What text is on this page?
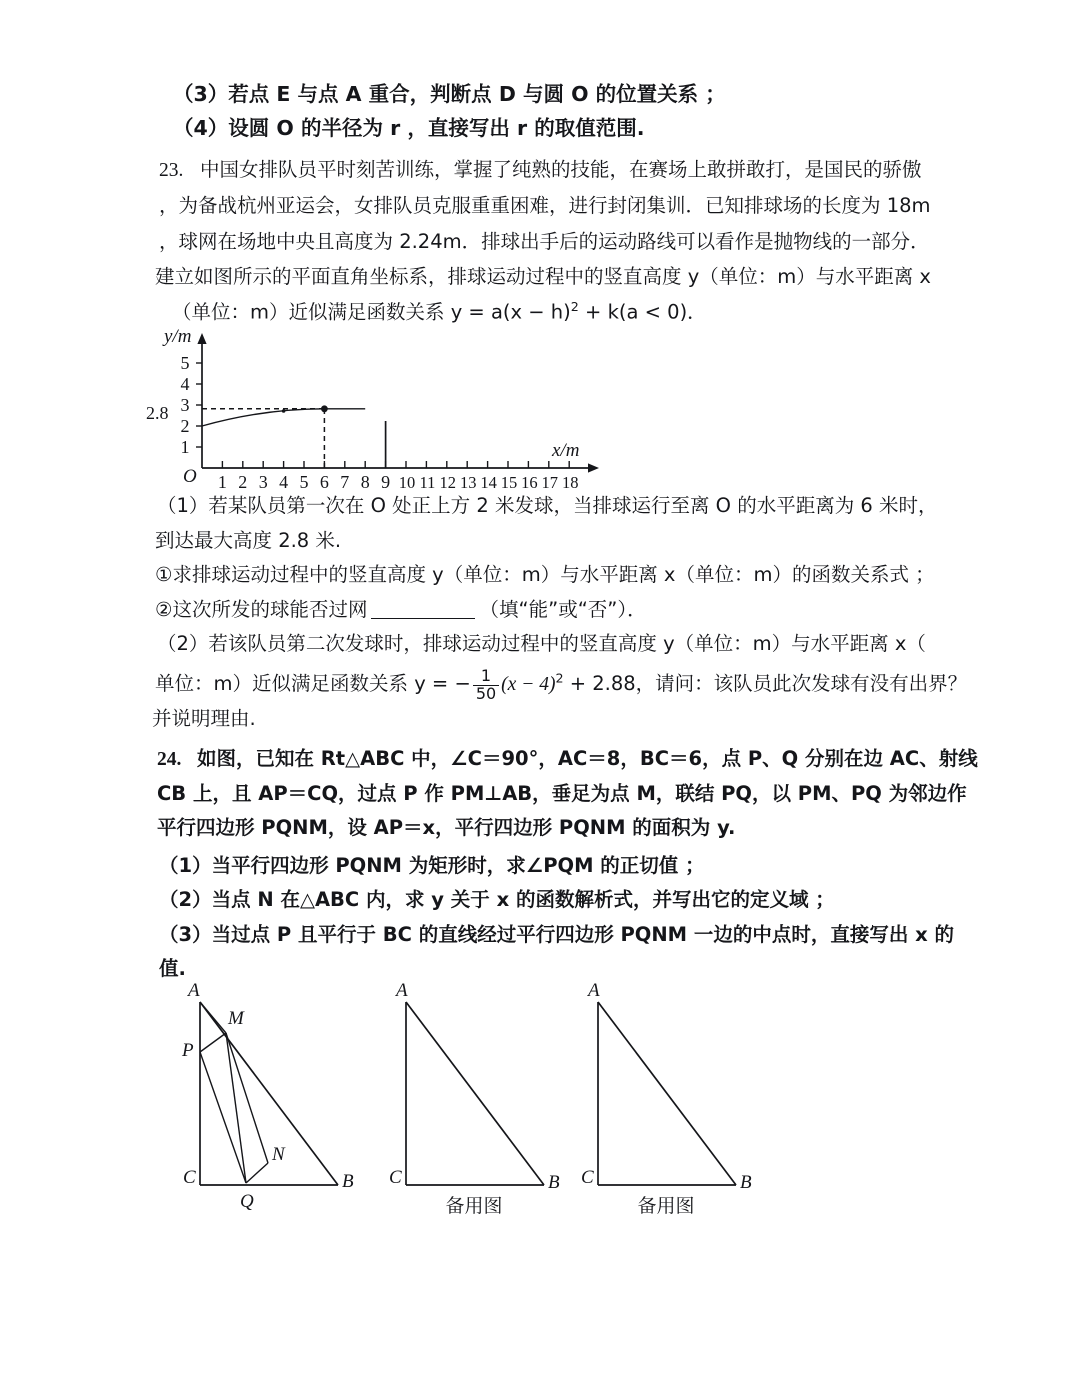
（3）若点 E 与点 A 重合，判断点 D 与圆 O 的位置关系 ；
（4）设圆 O 的半径为 r ，直接写出 r 的取值范围.
23. 中国女排队员平时刻苦训练，掌握了纯熟的技能，在赛场上敢拼敢打，是国民的骄傲
，为备战杭州亚运会，女排队员克服重重困难，进行封闭集训．已知排球场的长度为 18m
，球网在场地中央且高度为 2.24m．排球出手后的运动路线可以看作是抛物线的一部分．
建立如图所示的平面直角坐标系，排球运动过程中的竖直高度 y（单位：m）与水平距离 x
（单位：m）近似满足函数关系 $y = a(x - h)^2 + k(a < 0)$．
y/m
x/m
O
1
2
3
4
5
2.8
1 2 3 4 5 6 7 8 9 10 11 12 13 14 15 16 17 18
（1）若某队员第一次在 O 处正上方 2 米发球，当排球运行至离 O 的水平距离为 6 米时，
到达最大高度 2.8 米.
①求排球运动过程中的竖直高度 y（单位：m）与水平距离 x（单位：m）的函数关系式 ；
②这次所发的球能否过网	（填“能”或“否”）．
（2）若该队员第二次发球时，排球运动过程中的竖直高度 y（单位：m）与水平距离 x（
单位：m）近似满足函数关系 y = − $\frac{1}{50} (x - 4)^2 + 2.88$，请问：该队员此次发球有没有出界？
并说明理由.
24. 如图，已知在 Rt△ABC 中，∠C＝90°，AC＝8，BC＝6，点 P、Q 分别在边 AC、射线
CB 上，且 AP＝CQ，过点 P 作 PM⊥AB，垂足为点 M，联结 PQ，以 PM、PQ 为邻边作
平行四边形 PQNM，设 AP＝x，平行四边形 PQNM 的面积为 y.
（1）当平行四边形 PQNM 为矩形时，求∠PQM 的正切值 ；
（2）当点 N 在△ABC 内，求 y 关于 x 的函数解析式，并写出它的定义域 ；
（3）当过点 P 且平行于 BC 的直线经过平行四边形 PQNM 一边的中点时，直接写出 x 的
值.
A
M
P
C
Q
N
B
A
C	B
备用图
A
C	B
备用图
